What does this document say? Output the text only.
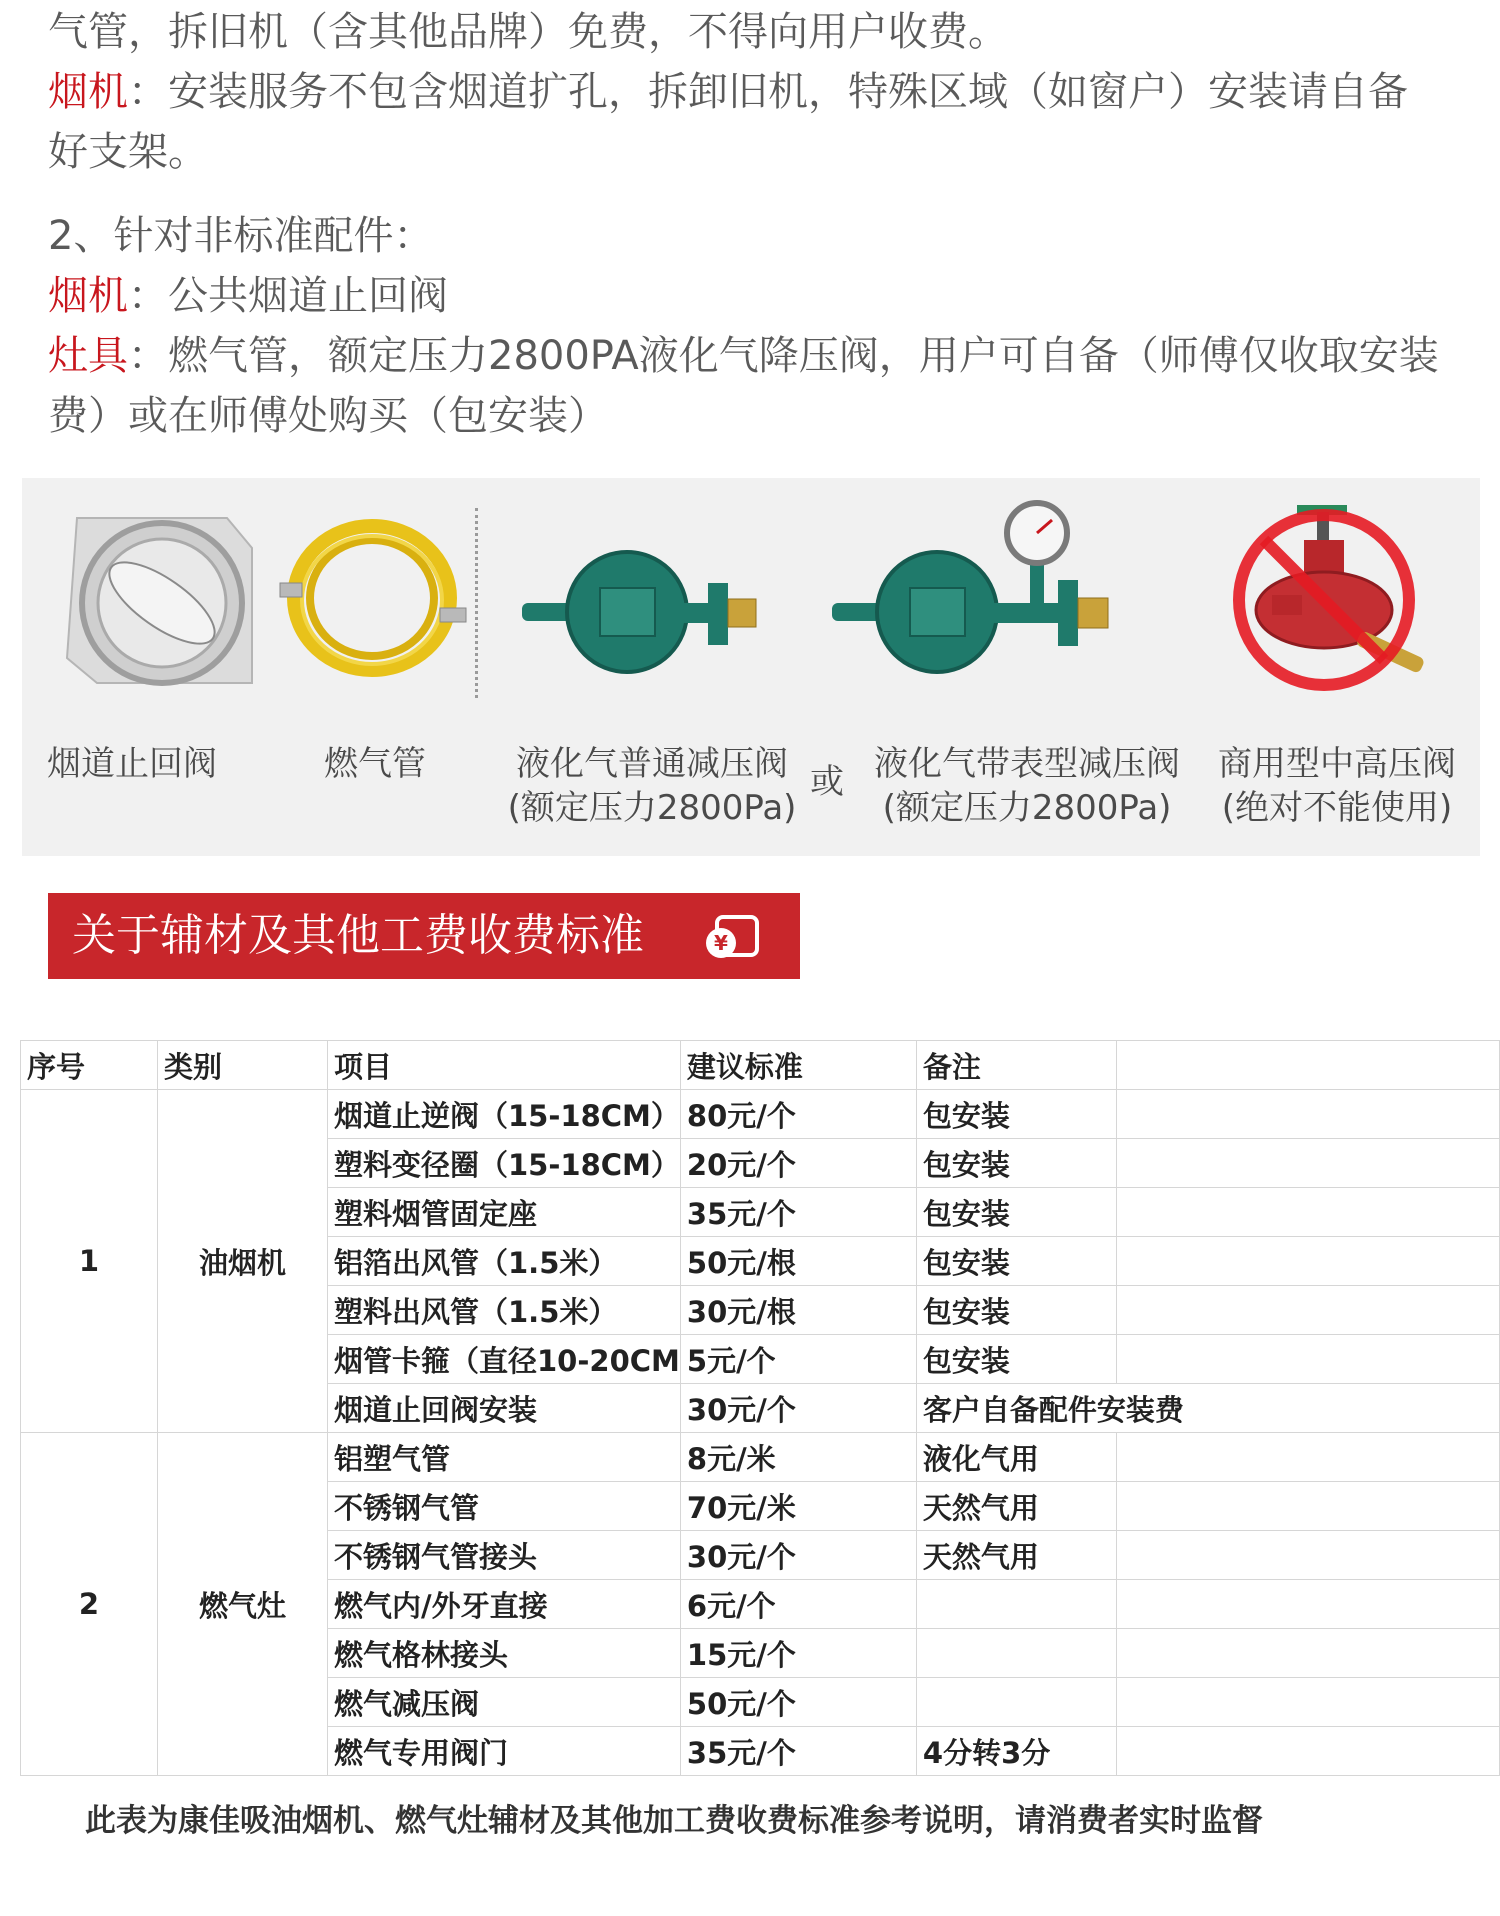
气管，拆旧机（含其他品牌）免费，不得向用户收费。
烟机：安装服务不包含烟道扩孔，拆卸旧机，特殊区域（如窗户）安装请自备
好支架。
2、针对非标准配件：
烟机：公共烟道止回阀
灶具：燃气管，额定压力2800PA液化气降压阀，用户可自备（师傅仅收取安装
费）或在师傅处购买（包安装）
烟道止回阀	燃气管	液化气普通减压阀
(额定压力2800Pa)
或 液化气带表型减压阀
(额定压力2800Pa)
商用型中高压阀
(绝对不能使用)
关于辅材及其他工费收费标准	¥
序号	类别	项目	建议标准	备注	
1	油烟机	烟道止逆阀（15-18CM）	80元/个	包安装	
		塑料变径圈（15-18CM）	20元/个	包安装	
		塑料烟管固定座	35元/个	包安装	
		铝箔出风管（1.5米）	50元/根	包安装	
		塑料出风管（1.5米）	30元/根	包安装	
		烟管卡箍（直径10-20CM	5元/个	包安装	
		烟道止回阀安装	30元/个	客户自备配件安装费	
2	燃气灶	铝塑气管	8元/米	液化气用	
		不锈钢气管	70元/米	天然气用	
		不锈钢气管接头	30元/个	天然气用	
		燃气内/外牙直接	6元/个		
		燃气格林接头	15元/个		
		燃气减压阀	50元/个		
		燃气专用阀门	35元/个	4分转3分	
此表为康佳吸油烟机、燃气灶辅材及其他加工费收费标准参考说明，请消费者实时监督
